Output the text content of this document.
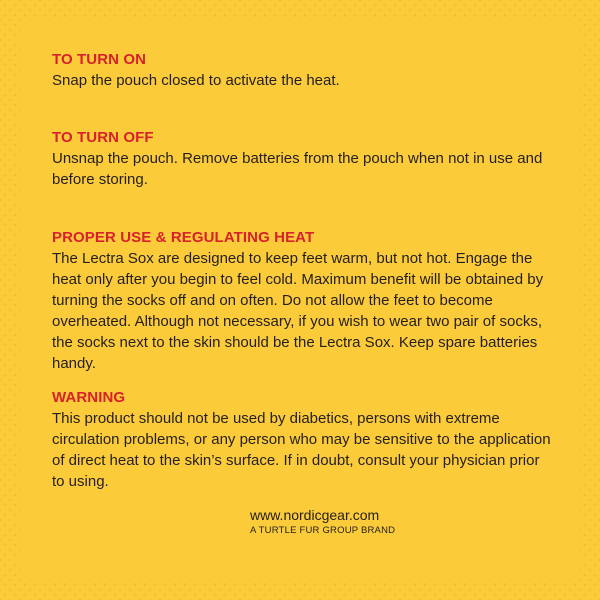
TO TURN ON
Snap the pouch closed to activate the heat.
TO TURN OFF
Unsnap the pouch. Remove batteries from the pouch when not in use and before storing.
PROPER USE & REGULATING HEAT
The Lectra Sox are designed to keep feet warm, but not hot. Engage the heat only after you begin to feel cold. Maximum benefit will be obtained by turning the socks off and on often. Do not allow the feet to become overheated. Although not necessary, if you wish to wear two pair of socks, the socks next to the skin should be the Lectra Sox. Keep spare batteries handy.
WARNING
This product should not be used by diabetics, persons with extreme circulation problems, or any person who may be sensitive to the application of direct heat to the skin’s surface. If in doubt, consult your physician prior to using.
www.nordicgear.com
A TURTLE FUR GROUP BRAND
